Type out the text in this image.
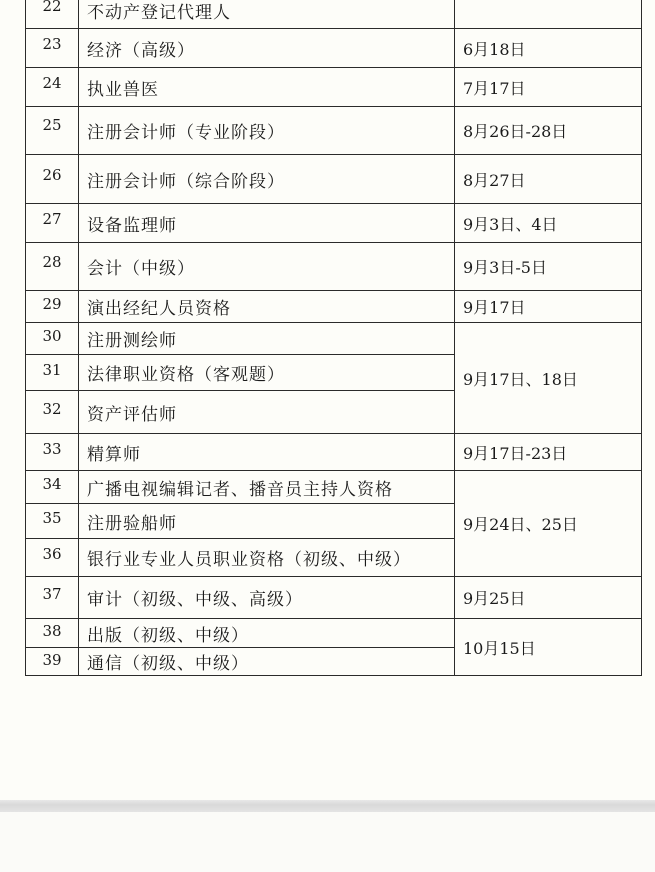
22	不动产登记代理人	
23	经济（高级）	6月18日
24	执业兽医	7月17日
25	注册会计师（专业阶段）	8月26日-28日
26	注册会计师（综合阶段）	8月27日
27	设备监理师	9月3日、4日
28	会计（中级）	9月3日-5日
29	演出经纪人员资格	9月17日
30	注册测绘师	9月17日、18日
31	法律职业资格（客观题）	
32	资产评估师	
33	精算师	9月17日-23日
34	广播电视编辑记者、播音员主持人资格	9月24日、25日
35	注册验船师	
36	银行业专业人员职业资格（初级、中级）	
37	审计（初级、中级、高级）	9月25日
38	出版（初级、中级）	10月15日
39	通信（初级、中级）	
